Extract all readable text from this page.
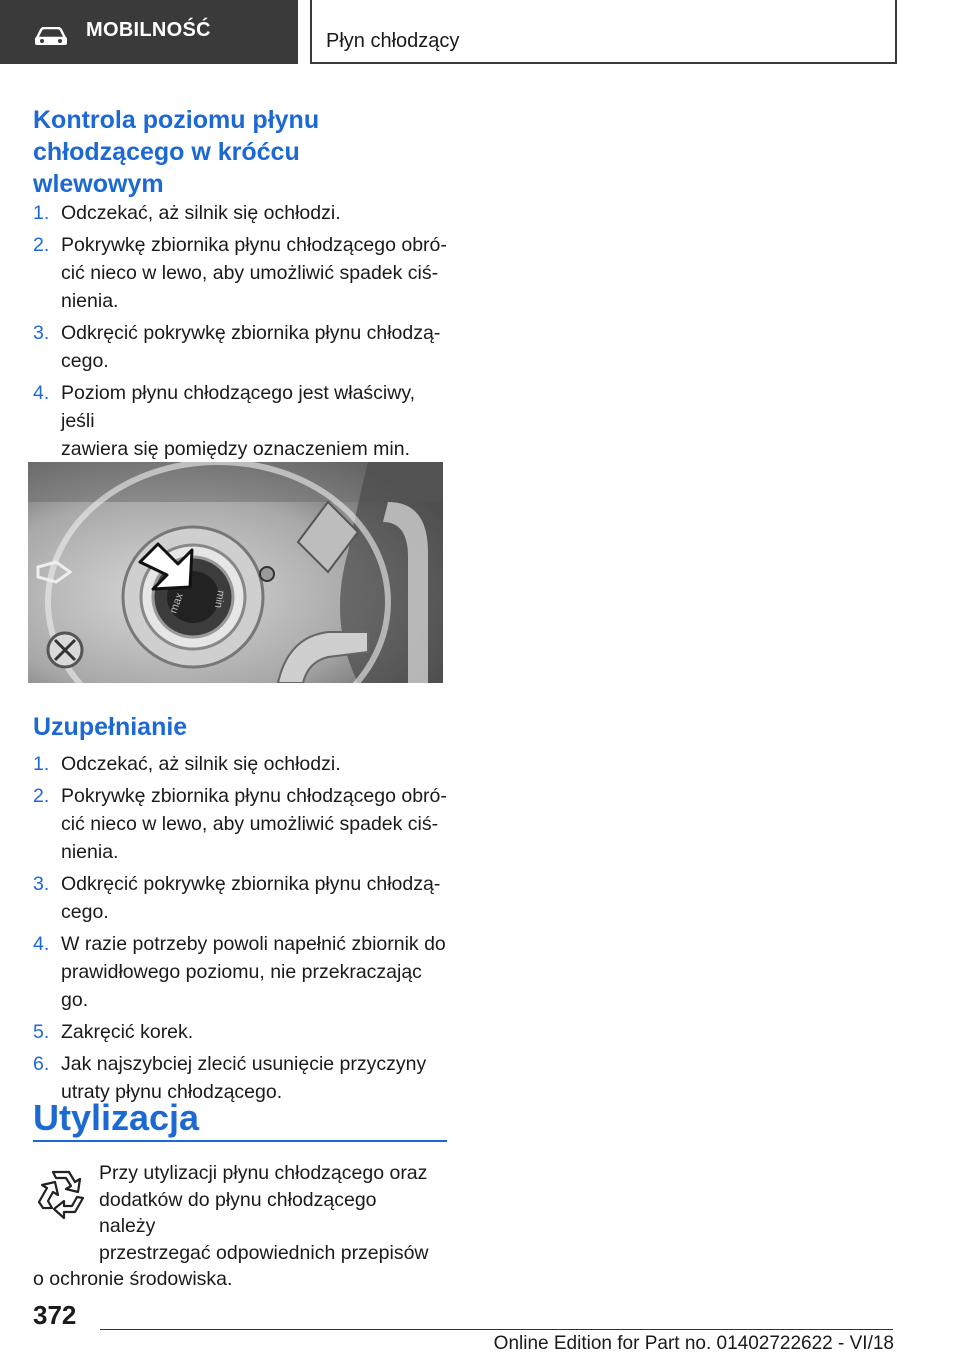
MOBILNOŚĆ	Płyn chłodzący
Kontrola poziomu płynu chłodzącego w króćcu wlewowym
1. Odczekać, aż silnik się ochłodzi.
2. Pokrywkę zbiornika płynu chłodzącego obró-
cić nieco w lewo, aby umożliwić spadek ciś-
nienia.
3. Odkręcić pokrywkę zbiornika płynu chłodzą-
cego.
4. Poziom płynu chłodzącego jest właściwy, jeśli
zawiera się pomiędzy oznaczeniem min.

max min
Uzupełnianie
1. Odczekać, aż silnik się ochłodzi.
2. Pokrywkę zbiornika płynu chłodzącego obró-
cić nieco w lewo, aby umożliwić spadek ciś-
nienia.
3. Odkręcić pokrywkę zbiornika płynu chłodzą-
cego.
4. W razie potrzeby powoli napełnić zbiornik do
prawidłowego poziomu, nie przekraczając go.
5. Zakręcić korek.
6. Jak najszybciej zlecić usunięcie przyczyny
utraty płynu chłodzącego.
Utylizacja

Przy utylizacji płynu chłodzącego oraz
dodatków do płynu chłodzącego należy
przestrzegać odpowiednich przepisów
o ochronie środowiska.

372
Online Edition for Part no. 01402722622 - VI/18
